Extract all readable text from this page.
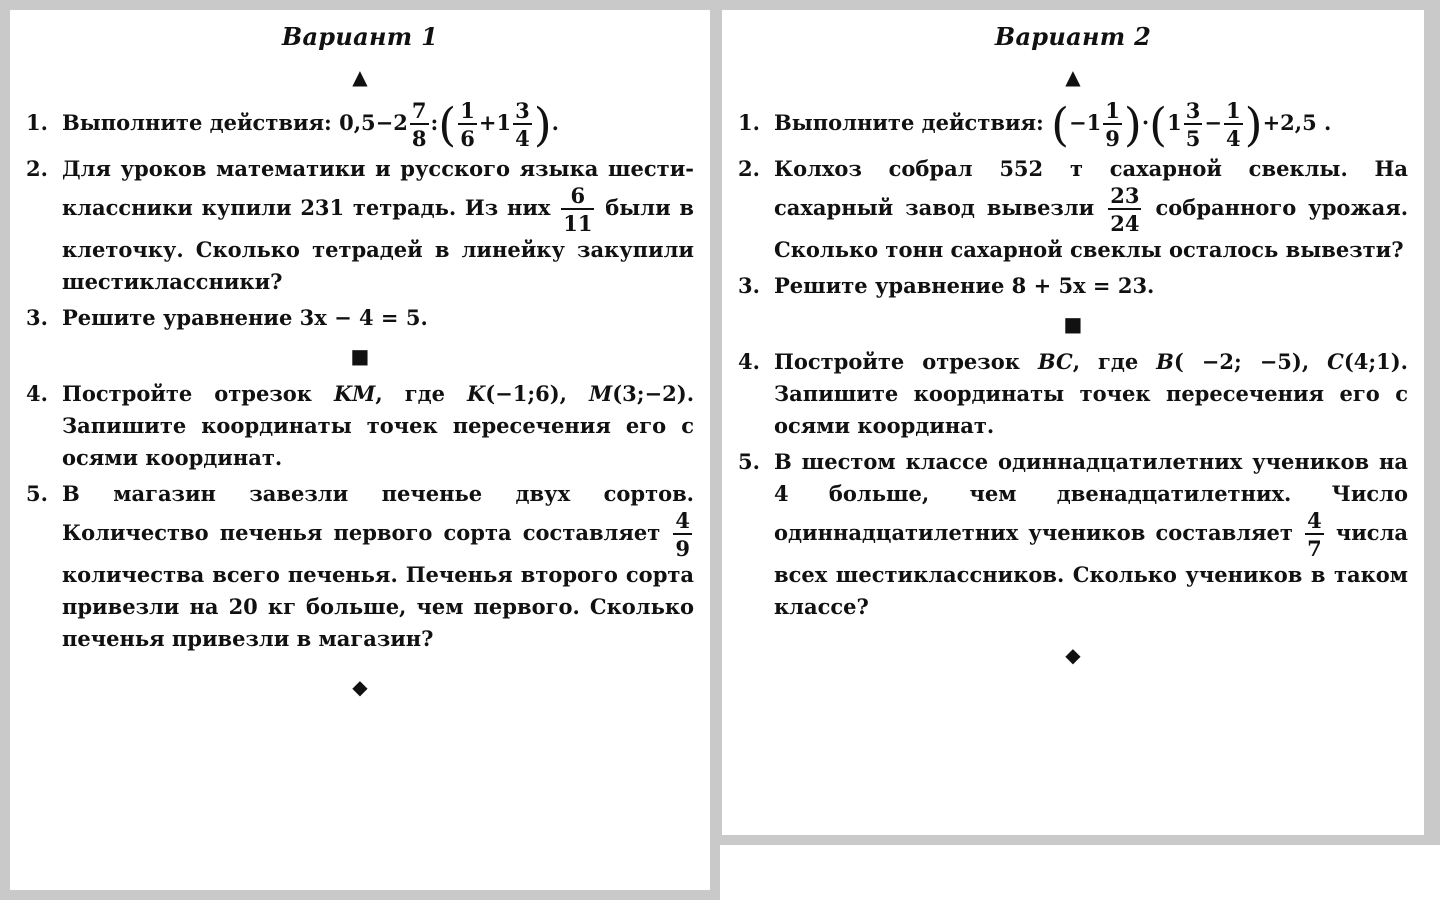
Вариант 1
▲
1. Выполните действия: $0,5-2 \frac{7}{8}$ :( $\frac{1}{6} +1 \frac{3}{4}$ ).
2. Для уроков математики и русского языка шести-классники купили 231 тетрадь. Из них $\frac{6}{11}$ были в клеточку. Сколько тетрадей в линейку закупили шестиклассники?
3. Решите уравнение 3x − 4 = 5.
■
4. Постройте отрезок KM, где K(−1;6), M(3;−2). Запишите координаты точек пересечения его с осями координат.
5. В магазин завезли печенье двух сортов. Количество печенья первого сорта составляет $\frac{4}{9}$
количества всего печенья. Печенья второго сорта привезли на 20 кг больше, чем первого. Сколько печенья привезли в магазин?
◆
Вариант 2
▲
1. Выполните действия: $(-1 \frac{1}{9} )\cdot(1 \frac{3}{5} - \frac{1}{4} )+2,5$ .
2. Колхоз собрал 552 т сахарной свеклы. На сахарный завод вывезли $\frac{23}{24}$ собранного урожая. Сколько тонн сахарной свеклы осталось вывезти?
3. Решите уравнение 8 + 5x = 23.
■
4. Постройте отрезок BC, где B( −2; −5), C(4;1). Запишите координаты точек пересечения его с осями координат.
5. В шестом классе одиннадцатилетних учеников на 4 больше, чем двенадцатилетних. Число одиннадцатилетних учеников составляет $\frac{4}{7}$ числа всех шестиклассников. Сколько учеников в таком классе?
◆
